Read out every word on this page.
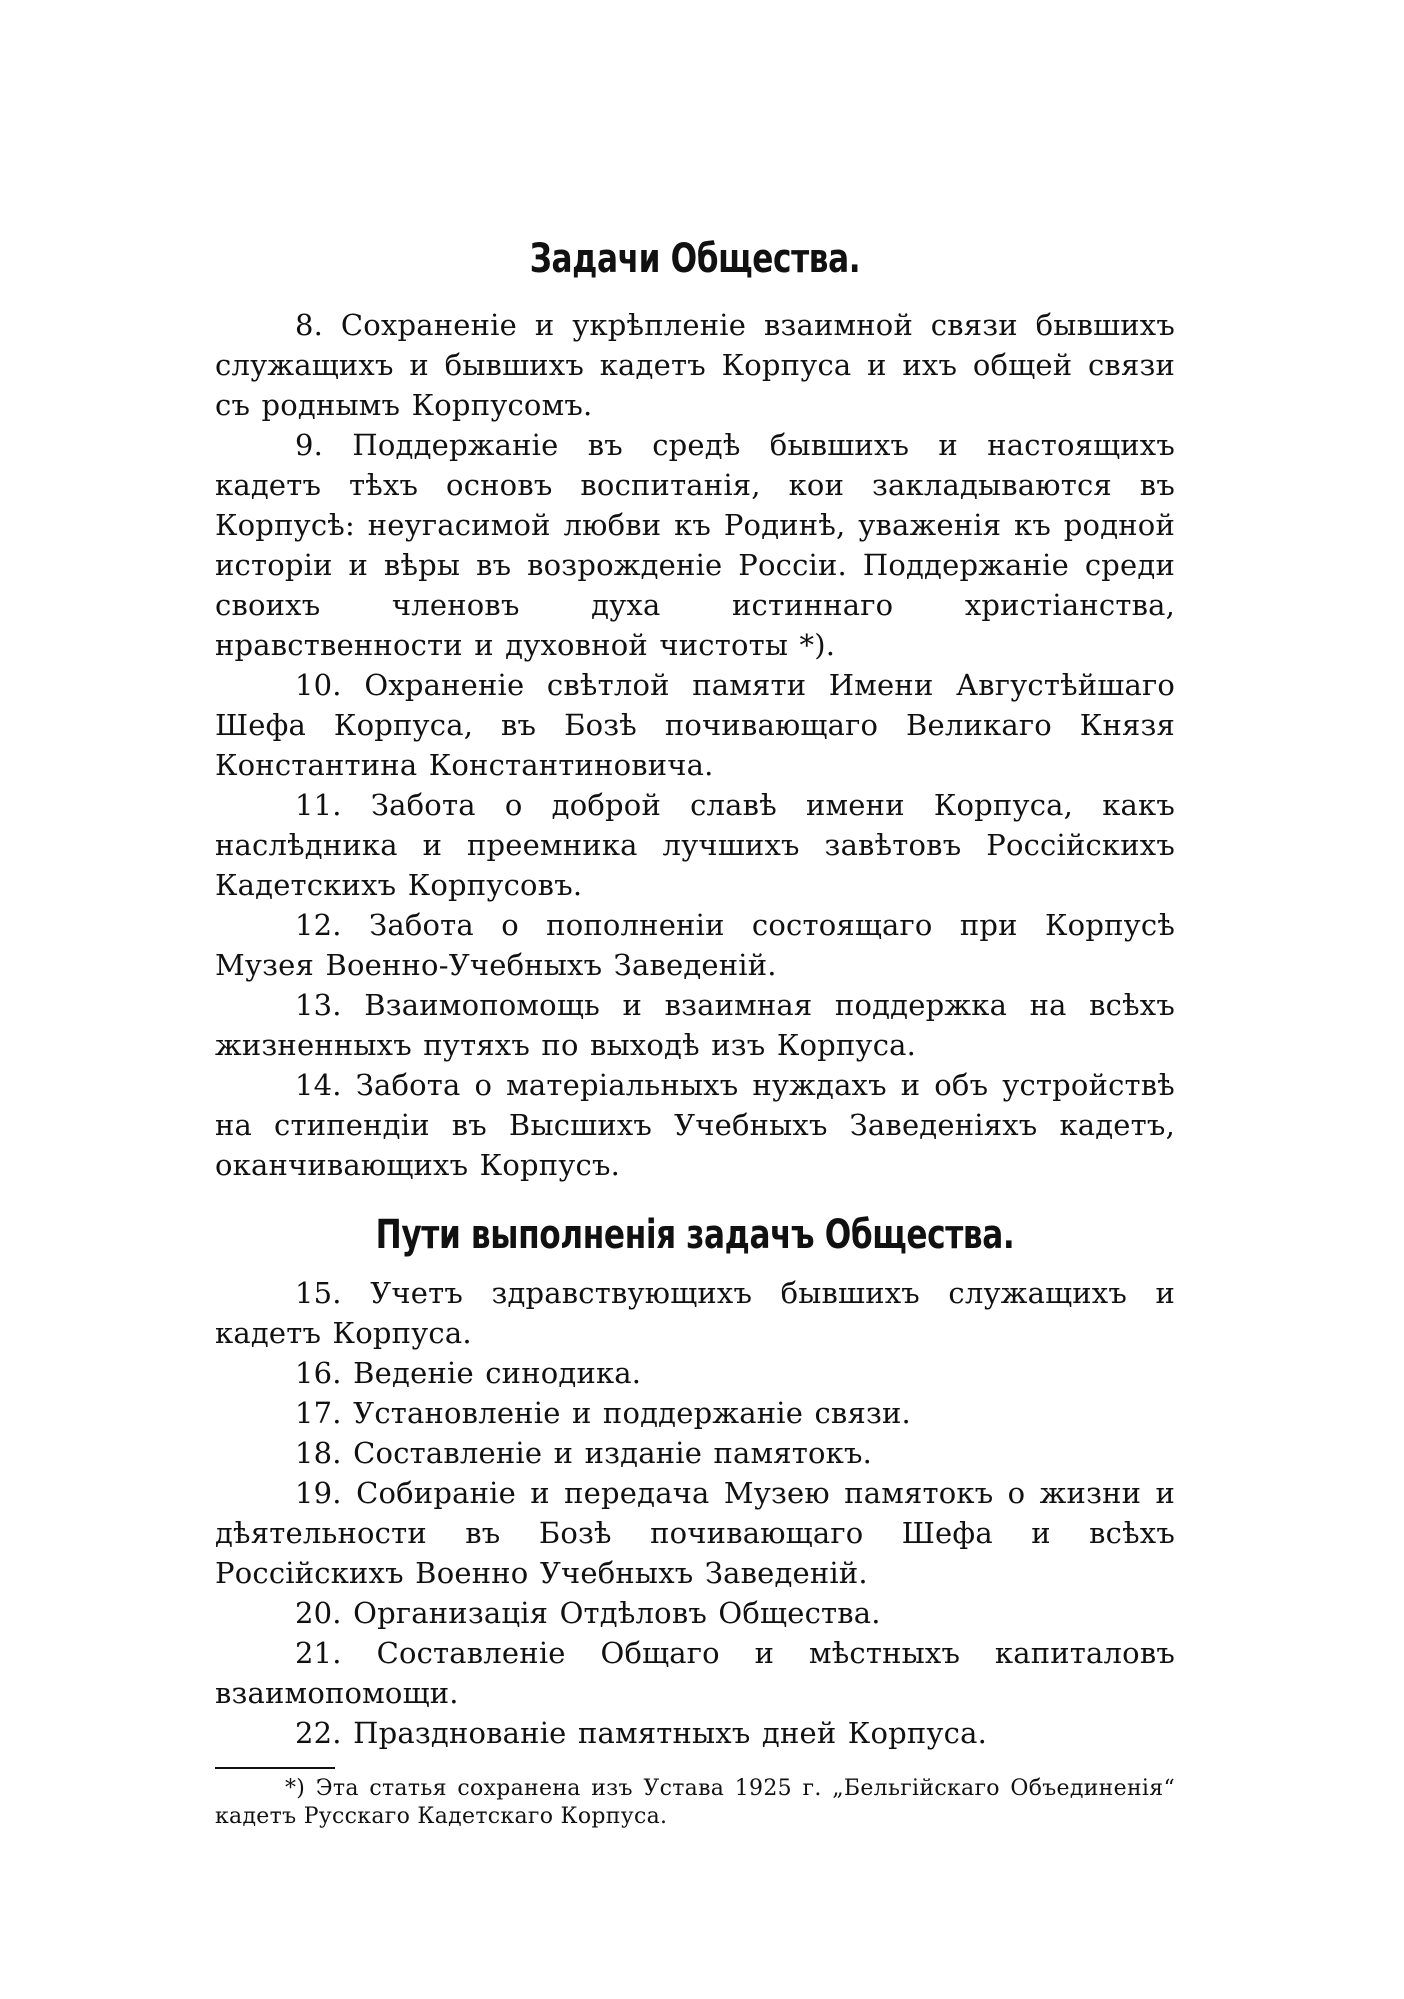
Задачи Общества.

8. Сохраненіе и укрѣпленіе взаимной связи бывшихъ служащихъ и бывшихъ кадетъ Корпуса и ихъ общей связи съ роднымъ Корпусомъ.

9. Поддержаніе въ средѣ бывшихъ и настоящихъ кадетъ тѣхъ основъ воспитанія, кои закладываются въ Корпусѣ: неугасимой любви къ Родинѣ, уваженія къ родной исторіи и вѣры въ возрожденіе Россіи. Поддержаніе среди своихъ членовъ духа истиннаго христіанства, нравственности и духовной чистоты *).

10. Охраненіе свѣтлой памяти Имени Августѣйшаго Шефа Корпуса, въ Бозѣ почивающаго Великаго Князя Константина Константиновича.

11. Забота о доброй славѣ имени Корпуса, какъ наслѣдника и преемника лучшихъ завѣтовъ Россійскихъ Кадетскихъ Корпусовъ.

12. Забота о пополненіи состоящаго при Корпусѣ Музея Военно-Учебныхъ Заведеній.

13. Взаимопомощь и взаимная поддержка на всѣхъ жизненныхъ путяхъ по выходѣ изъ Корпуса.

14. Забота о матеріальныхъ нуждахъ и объ устройствѣ на стипендіи въ Высшихъ Учебныхъ Заведеніяхъ кадетъ, оканчивающихъ Корпусъ.

Пути выполненія задачъ Общества.

15. Учетъ здравствующихъ бывшихъ служащихъ и кадетъ Корпуса.

16. Веденіе синодика.

17. Установленіе и поддержаніе связи.

18. Составленіе и изданіе памятокъ.

19. Собираніе и передача Музею памятокъ о жизни и дѣятельности въ Бозѣ почивающаго Шефа и всѣхъ Россійскихъ Военно Учебныхъ Заведеній.

20. Организація Отдѣловъ Общества.

21. Составленіе Общаго и мѣстныхъ капиталовъ взаимопомощи.

22. Празднованіе памятныхъ дней Корпуса.

*) Эта статья сохранена изъ Устава 1925 г. „Бельгійскаго Объединенія“ кадетъ Русскаго Кадетскаго Корпуса.
